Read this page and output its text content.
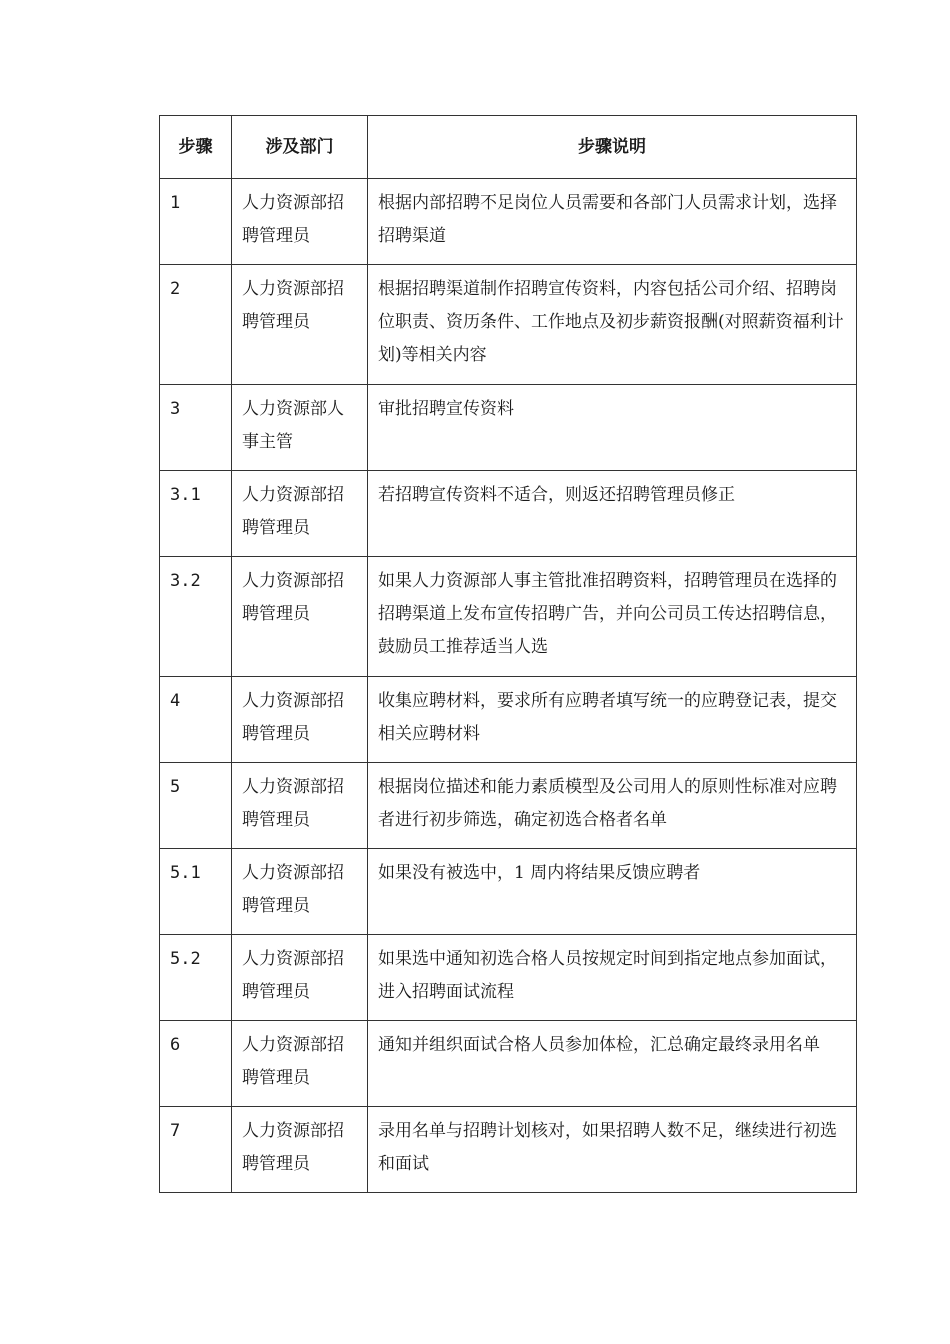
步骤	涉及部门	步骤说明
1	人力资源部招聘管理员	根据内部招聘不足岗位人员需要和各部门人员需求计划，选择招聘渠道
2	人力资源部招聘管理员	根据招聘渠道制作招聘宣传资料，内容包括公司介绍、招聘岗位职责、资历条件、工作地点及初步薪资报酬(对照薪资福利计划)等相关内容
3	人力资源部人事主管	审批招聘宣传资料
3.1	人力资源部招聘管理员	若招聘宣传资料不适合，则返还招聘管理员修正
3.2	人力资源部招聘管理员	如果人力资源部人事主管批准招聘资料，招聘管理员在选择的招聘渠道上发布宣传招聘广告，并向公司员工传达招聘信息，鼓励员工推荐适当人选
4	人力资源部招聘管理员	收集应聘材料，要求所有应聘者填写统一的应聘登记表，提交相关应聘材料
5	人力资源部招聘管理员	根据岗位描述和能力素质模型及公司用人的原则性标准对应聘者进行初步筛选，确定初选合格者名单
5.1	人力资源部招聘管理员	如果没有被选中，1 周内将结果反馈应聘者
5.2	人力资源部招聘管理员	如果选中通知初选合格人员按规定时间到指定地点参加面试，进入招聘面试流程
6	人力资源部招聘管理员	通知并组织面试合格人员参加体检，汇总确定最终录用名单
7	人力资源部招聘管理员	录用名单与招聘计划核对，如果招聘人数不足，继续进行初选和面试
